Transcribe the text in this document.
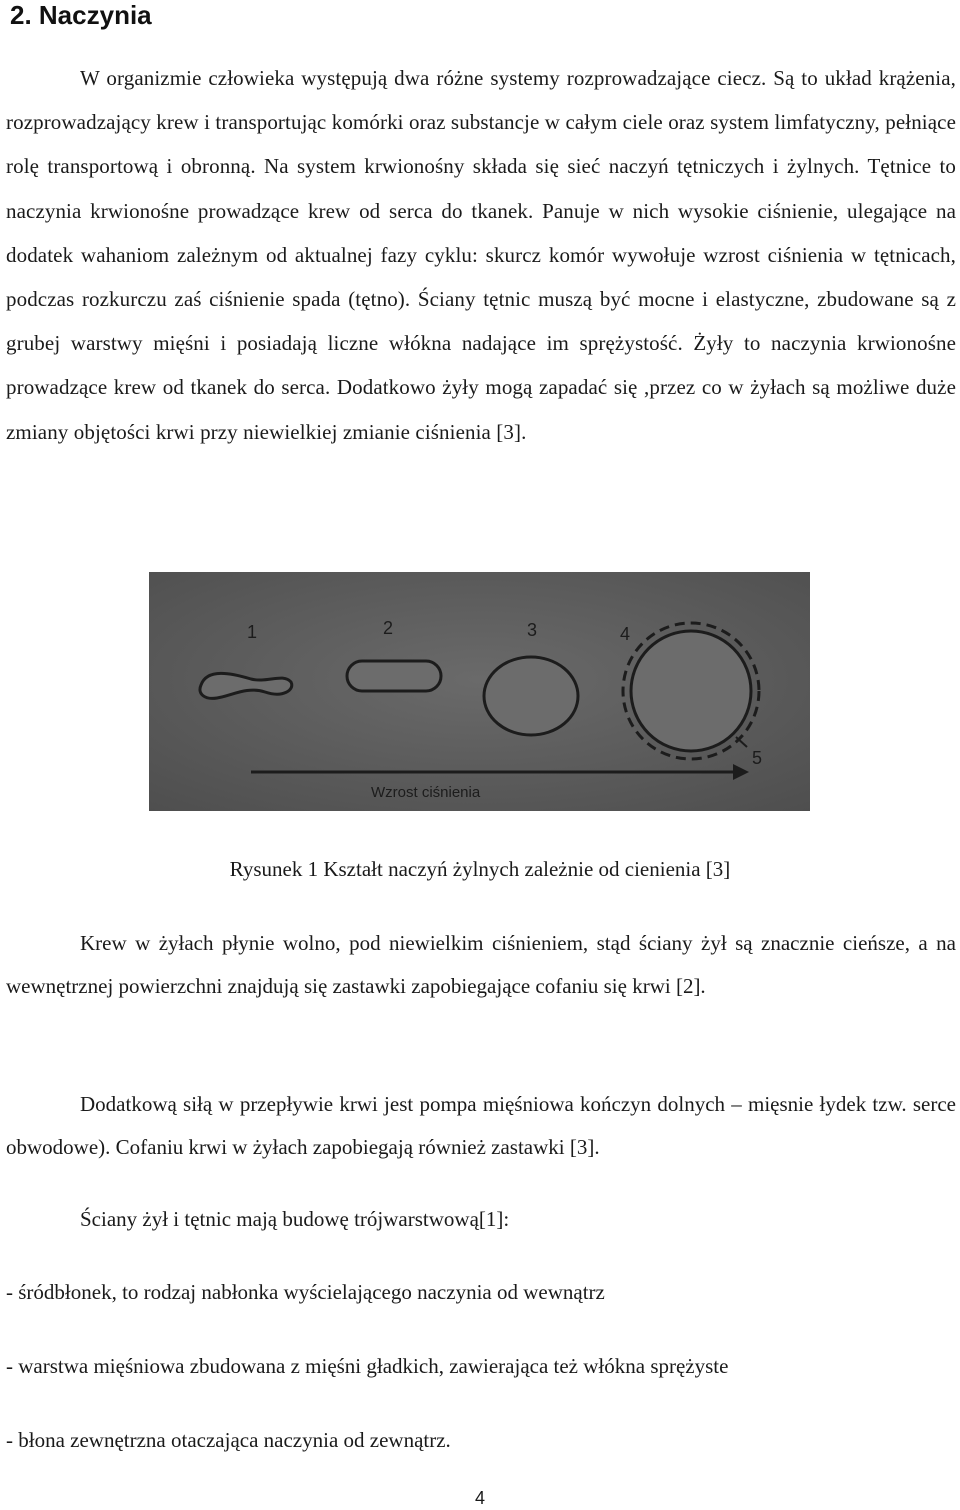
2. Naczynia

W organizmie człowieka występują dwa różne systemy rozprowadzające ciecz. Są to układ krążenia, rozprowadzający krew i transportując komórki oraz substancje w całym ciele oraz system limfatyczny, pełniące rolę transportową i obronną. Na system krwionośny składa się sieć naczyń tętniczych i żylnych. Tętnice to naczynia krwionośne prowadzące krew od serca do tkanek. Panuje w nich wysokie ciśnienie, ulegające na dodatek wahaniom zależnym od aktualnej fazy cyklu: skurcz komór wywołuje wzrost ciśnienia w tętnicach, podczas rozkurczu zaś ciśnienie spada (tętno). Ściany tętnic muszą być mocne i elastyczne, zbudowane są z grubej warstwy mięśni i posiadają liczne włókna nadające im sprężystość. Żyły to naczynia krwionośne prowadzące krew od tkanek do serca. Dodatkowo żyły mogą zapadać się ,przez co w żyłach są możliwe duże zmiany objętości krwi przy niewielkiej zmianie ciśnienia [3].

1	2	3	4
5
Wzrost ciśnienia

Rysunek 1 Kształt naczyń żylnych zależnie od cienienia [3]

Krew w żyłach płynie wolno, pod niewielkim ciśnieniem, stąd ściany żył są znacznie cieńsze, a na wewnętrznej powierzchni znajdują się zastawki zapobiegające cofaniu się krwi [2].

Dodatkową siłą w przepływie krwi jest pompa mięśniowa kończyn dolnych – mięsnie łydek tzw. serce obwodowe). Cofaniu krwi w żyłach zapobiegają również zastawki [3].

Ściany żył i tętnic mają budowę trójwarstwową[1]:

- śródbłonek, to rodzaj nabłonka wyścielającego naczynia od wewnątrz
- warstwa mięśniowa zbudowana z mięśni gładkich, zawierająca też włókna sprężyste
- błona zewnętrzna otaczająca naczynia od zewnątrz.
4
